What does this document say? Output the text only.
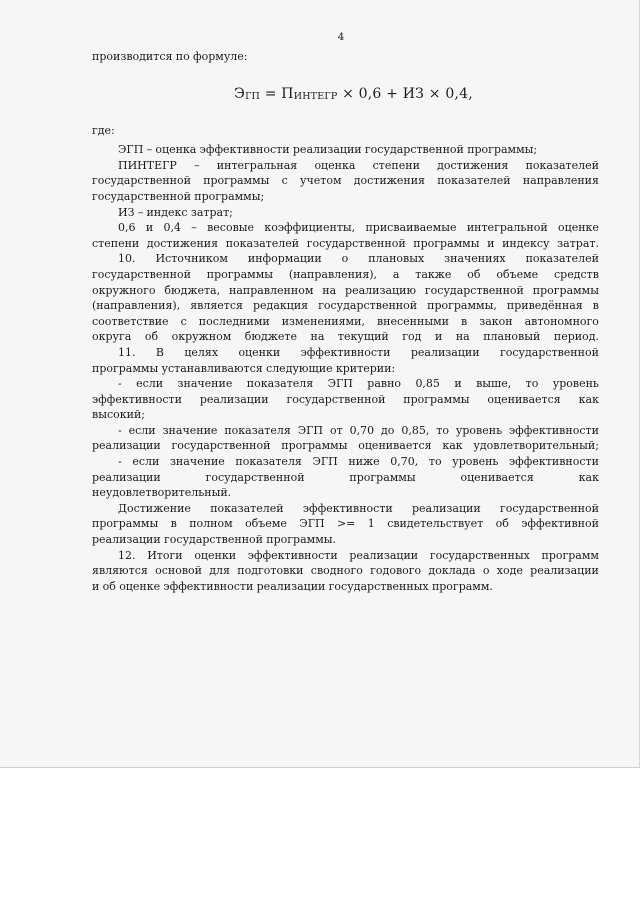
4
производится по формуле:
ЭГП = ПИНТЕГР × 0,6 + ИЗ × 0,4,
где:
ЭГП – оценка эффективности реализации государственной программы;
ПИНТЕГР – интегральная оценка степени достижения показателей
государственной программы с учетом достижения показателей направления
государственной программы;
ИЗ – индекс затрат;
0,6 и 0,4 – весовые коэффициенты, присваиваемые интегральной оценке
степени достижения показателей государственной программы и индексу затрат.
10. Источником информации о плановых значениях показателей
государственной программы (направления), а также об объеме средств
окружного бюджета, направленном на реализацию государственной программы
(направления), является редакция государственной программы, приведённая в
соответствие с последними изменениями, внесенными в закон автономного
округа об окружном бюджете на текущий год и на плановый период.
11. В целях оценки эффективности реализации государственной
программы устанавливаются следующие критерии:
- если значение показателя ЭГП равно 0,85 и выше, то уровень
эффективности реализации государственной программы оценивается как
высокий;
- если значение показателя ЭГП от 0,70 до 0,85, то уровень эффективности
реализации государственной программы оценивается как удовлетворительный;
- если значение показателя ЭГП ниже 0,70, то уровень эффективности
реализации	государственной	программы	оценивается	как
неудовлетворительный.
Достижение показателей эффективности реализации государственной
программы в полном объеме ЭГП >= 1 свидетельствует об эффективной
реализации государственной программы.
12. Итоги оценки эффективности реализации государственных программ
являются основой для подготовки сводного годового доклада о ходе реализации
и об оценке эффективности реализации государственных программ.
